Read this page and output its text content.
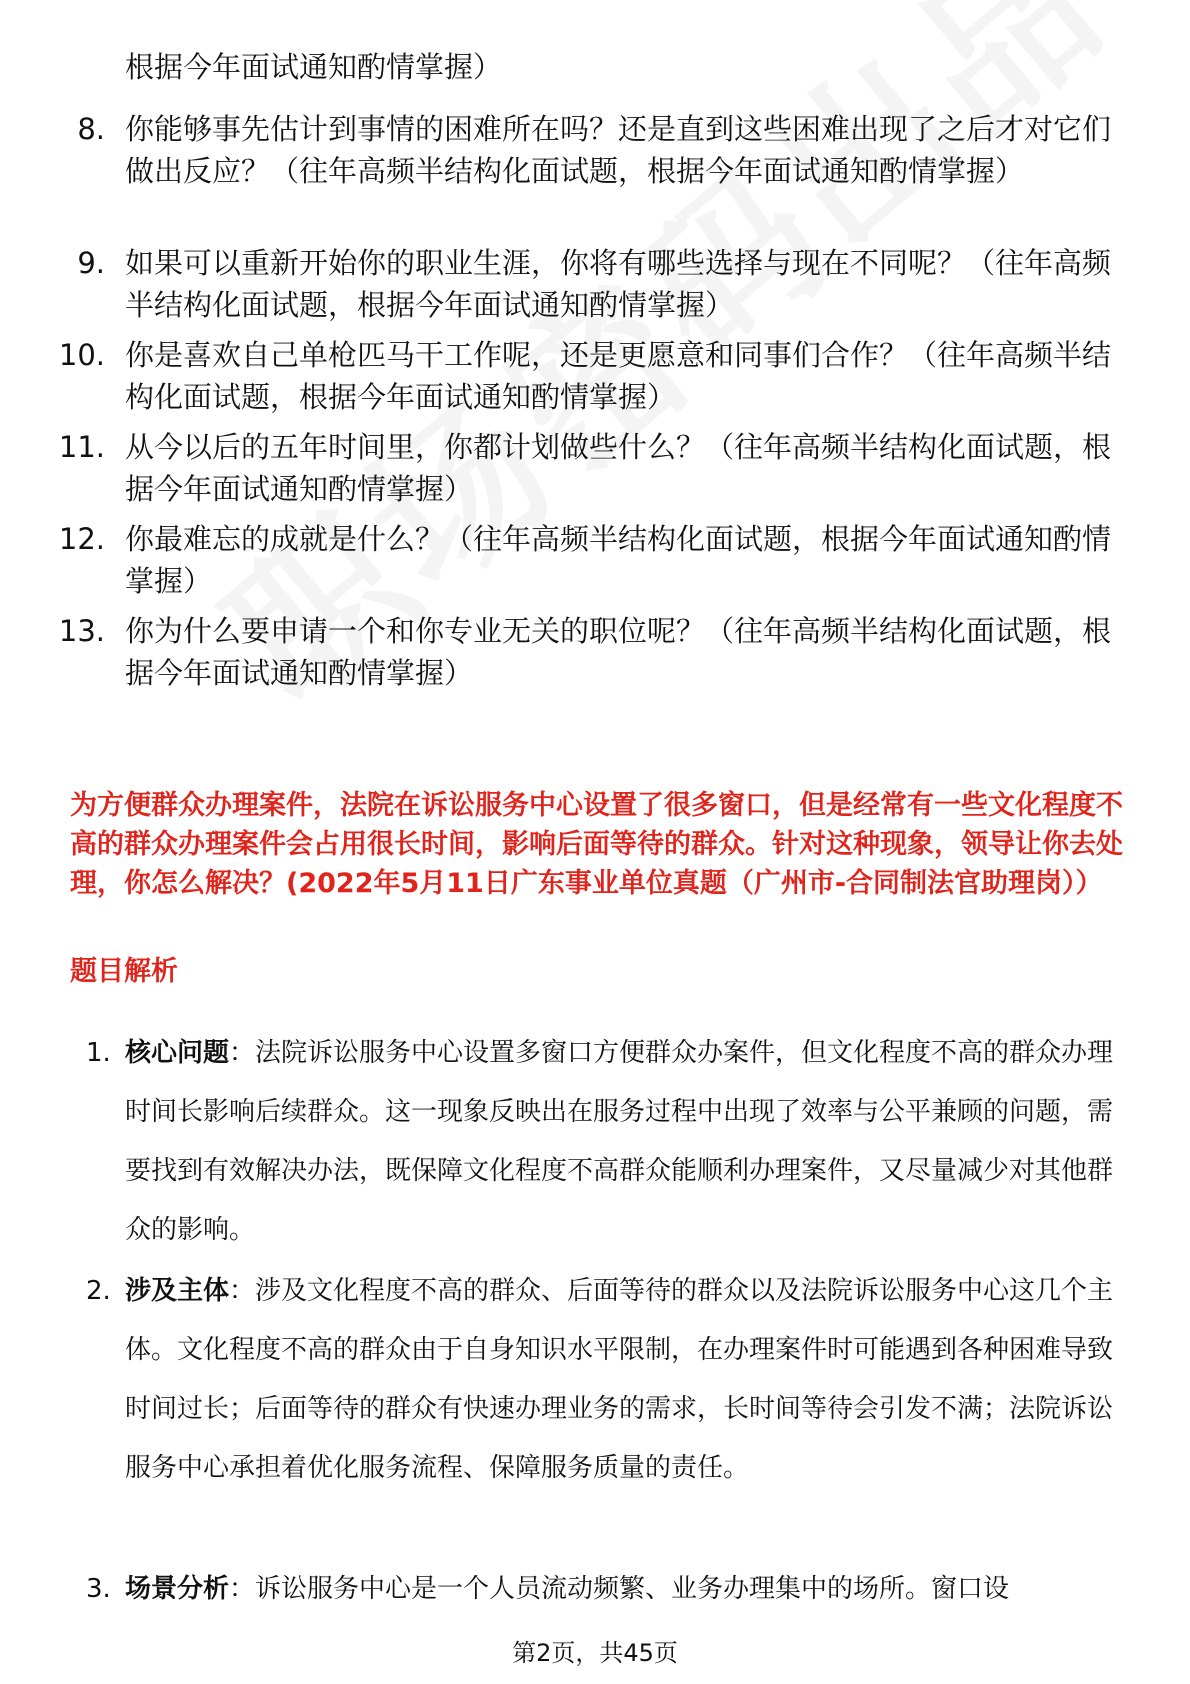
根据今年面试通知酌情掌握）
8. 你能够事先估计到事情的困难所在吗？还是直到这些困难出现了之后才对它们做出反应？（往年高频半结构化面试题，根据今年面试通知酌情掌握）
9. 如果可以重新开始你的职业生涯，你将有哪些选择与现在不同呢？（往年高频半结构化面试题，根据今年面试通知酌情掌握）
10. 你是喜欢自己单枪匹马干工作呢，还是更愿意和同事们合作？（往年高频半结构化面试题，根据今年面试通知酌情掌握）
11. 从今以后的五年时间里，你都计划做些什么？（往年高频半结构化面试题，根据今年面试通知酌情掌握）
12. 你最难忘的成就是什么？（往年高频半结构化面试题，根据今年面试通知酌情掌握）
13. 你为什么要申请一个和你专业无关的职位呢？（往年高频半结构化面试题，根据今年面试通知酌情掌握）
为方便群众办理案件，法院在诉讼服务中心设置了很多窗口，但是经常有一些文化程度不高的群众办理案件会占用很长时间，影响后面等待的群众。针对这种现象，领导让你去处理，你怎么解决？(2022年5月11日广东事业单位真题（广州市-合同制法官助理岗））
题目解析
1. 核心问题：法院诉讼服务中心设置多窗口方便群众办案件，但文化程度不高的群众办理时间长影响后续群众。这一现象反映出在服务过程中出现了效率与公平兼顾的问题，需要找到有效解决办法，既保障文化程度不高群众能顺利办理案件，又尽量减少对其他群众的影响。
2. 涉及主体：涉及文化程度不高的群众、后面等待的群众以及法院诉讼服务中心这几个主体。文化程度不高的群众由于自身知识水平限制，在办理案件时可能遇到各种困难导致时间过长；后面等待的群众有快速办理业务的需求，长时间等待会引发不满；法院诉讼服务中心承担着优化服务流程、保障服务质量的责任。
3. 场景分析：诉讼服务中心是一个人员流动频繁、业务办理集中的场所。窗口设
第2页，共45页
